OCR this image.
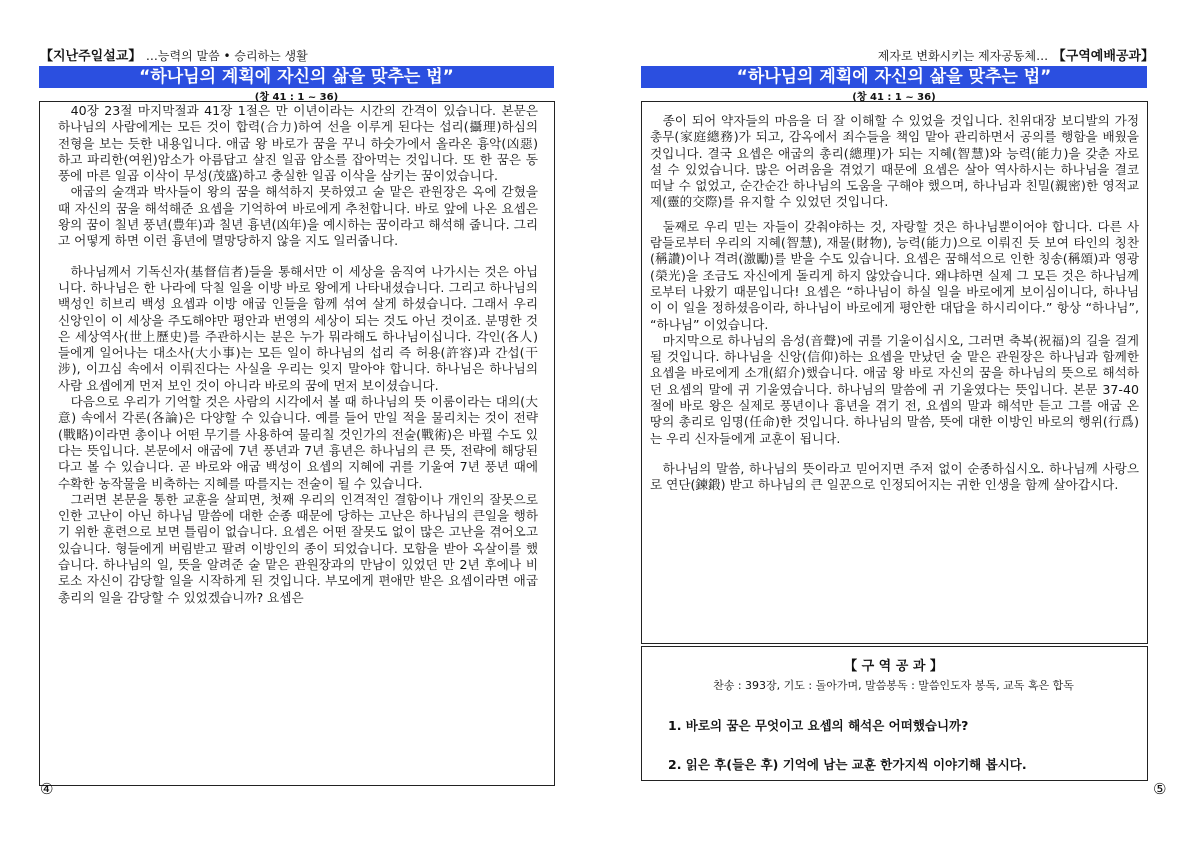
【지난주일설교】 …능력의 말씀 • 승리하는 생활
“하나님의 계획에 자신의 삶을 맞추는 법”
(창 41 : 1 ~ 36)

40장 23절 마지막절과 41장 1절은 만 이년이라는 시간의 간격이 있습니다. 본문은 하나님의 사람에게는 모든 것이 합력(合力)하여 선을 이루게 된다는 섭리(攝理)하심의 전형을 보는 듯한 내용입니다. 애굽 왕 바로가 꿈을 꾸니 하숫가에서 올라온 흉악(凶惡)하고 파리한(여윈)암소가 아름답고 살진 일곱 암소를 잡아먹는 것입니다. 또 한 꿈은 동풍에 마른 일곱 이삭이 무성(茂盛)하고 충실한 일곱 이삭을 삼키는 꿈이었습니다.

애굽의 술객과 박사들이 왕의 꿈을 해석하지 못하였고 술 맡은 관원장은 옥에 갇혔을 때 자신의 꿈을 해석해준 요셉을 기억하여 바로에게 추천합니다. 바로 앞에 나온 요셉은 왕의 꿈이 칠년 풍년(豊年)과 칠년 흉년(凶年)을 예시하는 꿈이라고 해석해 줍니다. 그리고 어떻게 하면 이런 흉년에 멸망당하지 않을 지도 일러줍니다.

하나님께서 기독신자(基督信者)들을 통해서만 이 세상을 움직여 나가시는 것은 아닙니다. 하나님은 한 나라에 닥칠 일을 이방 바로 왕에게 나타내셨습니다. 그리고 하나님의 백성인 히브리 백성 요셉과 이방 애굽 인들을 함께 섞여 살게 하셨습니다. 그래서 우리 신앙인이 이 세상을 주도해야만 평안과 번영의 세상이 되는 것도 아닌 것이죠. 분명한 것은 세상역사(世上歷史)를 주관하시는 분은 누가 뭐라해도 하나님이십니다. 각인(各人)들에게 일어나는 대소사(大小事)는 모든 일이 하나님의 섭리 즉 허용(許容)과 간섭(干涉), 이끄심 속에서 이뤄진다는 사실을 우리는 잊지 말아야 합니다. 하나님은 하나님의 사람 요셉에게 먼저 보인 것이 아니라 바로의 꿈에 먼저 보이셨습니다.

다음으로 우리가 기억할 것은 사람의 시각에서 볼 때 하나님의 뜻 이룸이라는 대의(大意) 속에서 각론(各論)은 다양할 수 있습니다. 예를 들어 만일 적을 물리치는 것이 전략(戰略)이라면 총이나 어떤 무기를 사용하여 물리칠 것인가의 전술(戰術)은 바뀔 수도 있다는 뜻입니다. 본문에서 애굽에 7년 풍년과 7년 흉년은 하나님의 큰 뜻, 전략에 해당된다고 볼 수 있습니다. 곧 바로와 애굽 백성이 요셉의 지혜에 귀를 기울여 7년 풍년 때에 수확한 농작물을 비축하는 지혜를 따를지는 전술이 될 수 있습니다.

그러면 본문을 통한 교훈을 살피면, 첫째 우리의 인격적인 결함이나 개인의 잘못으로 인한 고난이 아닌 하나님 말씀에 대한 순종 때문에 당하는 고난은 하나님의 큰일을 행하기 위한 훈련으로 보면 틀림이 없습니다. 요셉은 어떤 잘못도 없이 많은 고난을 겪어오고 있습니다. 형들에게 버림받고 팔려 이방인의 종이 되었습니다. 모함을 받아 옥살이를 했습니다. 하나님의 일, 뜻을 알려준 술 맡은 관원장과의 만남이 있었던 만 2년 후에나 비로소 자신이 감당할 일을 시작하게 된 것입니다. 부모에게 편애만 받은 요셉이라면 애굽 총리의 일을 감당할 수 있었겠습니까? 요셉은

④
제자로 변화시키는 제자공동체… 【구역예배공과】
“하나님의 계획에 자신의 삶을 맞추는 법”
(창 41 : 1 ~ 36)

종이 되어 약자들의 마음을 더 잘 이해할 수 있었을 것입니다. 친위대장 보디발의 가정총무(家庭總務)가 되고, 감옥에서 죄수들을 책임 맡아 관리하면서 공의를 행함을 배웠을 것입니다. 결국 요셉은 애굽의 총리(總理)가 되는 지혜(智慧)와 능력(能力)을 갖춘 자로 설 수 있었습니다. 많은 어려움을 겪었기 때문에 요셉은 살아 역사하시는 하나님을 결코 떠날 수 없었고, 순간순간 하나님의 도움을 구해야 했으며, 하나님과 친밀(親密)한 영적교제(靈的交際)를 유지할 수 있었던 것입니다.

둘째로 우리 믿는 자들이 갖춰야하는 것, 자랑할 것은 하나님뿐이어야 합니다. 다른 사람들로부터 우리의 지혜(智慧), 재물(財物), 능력(能力)으로 이뤄진 듯 보여 타인의 칭찬(稱讚)이나 격려(激勵)를 받을 수도 있습니다. 요셉은 꿈해석으로 인한 칭송(稱頌)과 영광(榮光)을 조금도 자신에게 돌리게 하지 않았습니다. 왜냐하면 실제 그 모든 것은 하나님께로부터 나왔기 때문입니다! 요셉은 “하나님이 하실 일을 바로에게 보이심이니다, 하나님이 이 일을 정하셨음이라, 하나님이 바로에게 평안한 대답을 하시리이다.” 항상 “하나님”, “하나님” 이었습니다.

마지막으로 하나님의 음성(音聲)에 귀를 기울이십시오, 그러면 축복(祝福)의 길을 걸게 될 것입니다. 하나님을 신앙(信仰)하는 요셉을 만났던 술 맡은 관원장은 하나님과 함께한 요셉을 바로에게 소개(紹介)했습니다. 애굽 왕 바로 자신의 꿈을 하나님의 뜻으로 해석하던 요셉의 말에 귀 기울였습니다. 하나님의 말씀에 귀 기울였다는 뜻입니다. 본문 37-40절에 바로 왕은 실제로 풍년이나 흉년을 겪기 전, 요셉의 말과 해석만 듣고 그를 애굽 온 땅의 총리로 임명(任命)한 것입니다. 하나님의 말씀, 뜻에 대한 이방인 바로의 행위(行爲)는 우리 신자들에게 교훈이 됩니다.

하나님의 말씀, 하나님의 뜻이라고 믿어지면 주저 없이 순종하십시오. 하나님께 사랑으로 연단(鍊鍛) 받고 하나님의 큰 일꾼으로 인정되어지는 귀한 인생을 함께 살아갑시다.

【 구 역 공 과 】
찬송 : 393장, 기도 : 돌아가며, 말씀봉독 : 말씀인도자 봉독, 교독 혹은 합독
1. 바로의 꿈은 무엇이고 요셉의 해석은 어떠했습니까?
2. 읽은 후(들은 후) 기억에 남는 교훈 한가지씩 이야기해 봅시다.
⑤
